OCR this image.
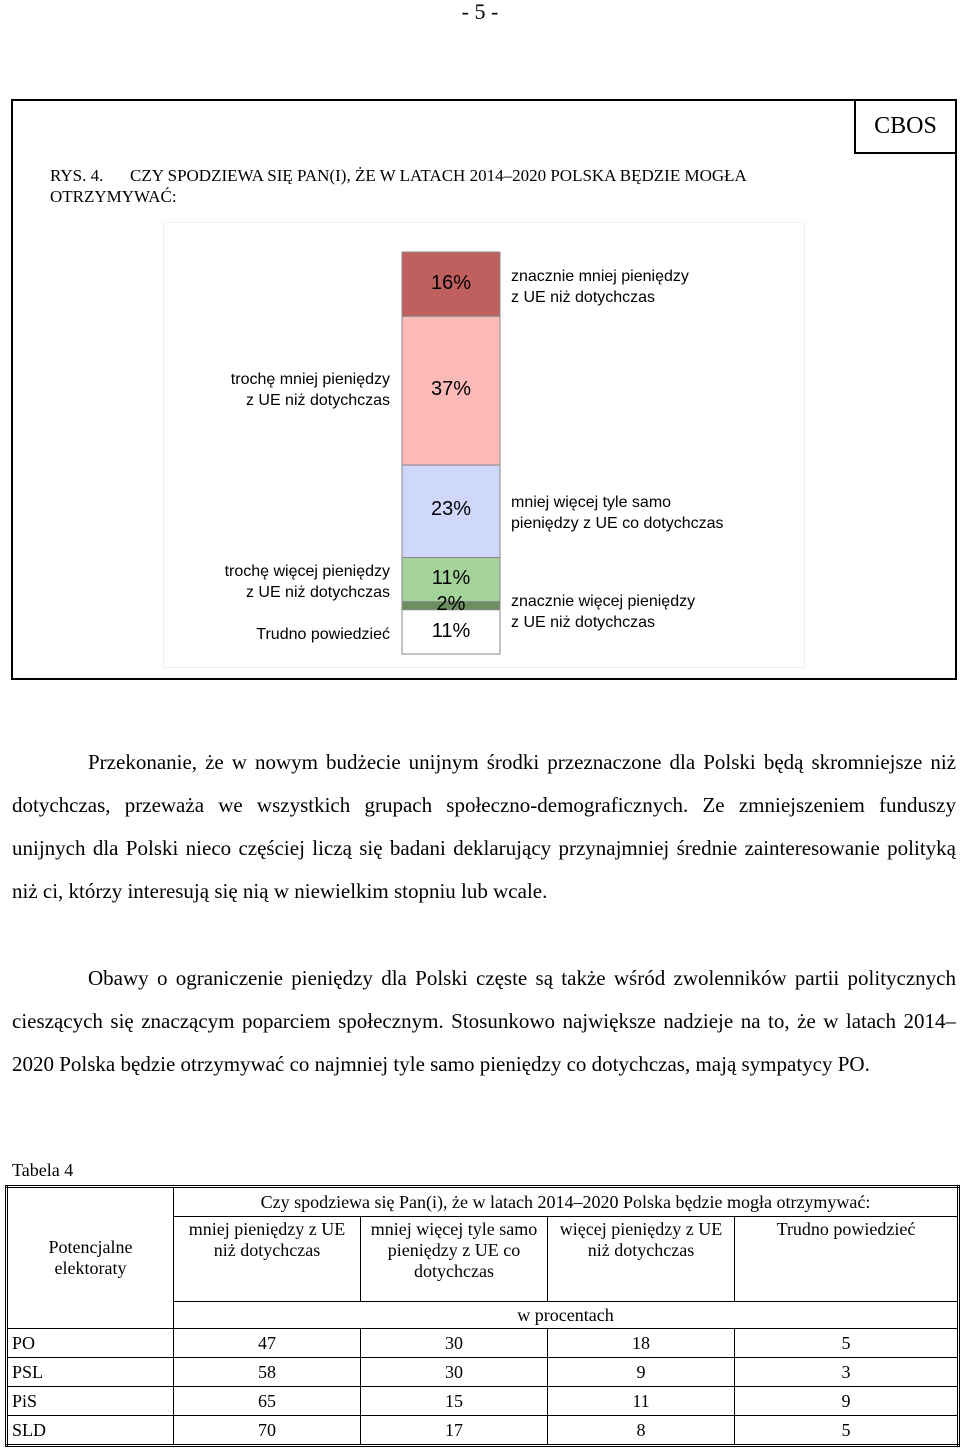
- 5 -
CBOS
RYS. 4. CZY SPODZIEWA SIĘ PAN(I), ŻE W LATACH 2014–2020 POLSKA BĘDZIE MOGŁA OTRZYMYWAĆ:
znacznie mniej pieniędzy
z UE niż dotychczas
trochę mniej pieniędzy
z UE niż dotychczas
mniej więcej tyle samo
pieniędzy z UE co dotychczas
trochę więcej pieniędzy
z UE niż dotychczas
znacznie więcej pieniędzy
z UE niż dotychczas
Trudno powiedzieć
16%
37%
23%
11%
2%
11%

Przekonanie, że w nowym budżecie unijnym środki przeznaczone dla Polski będą skromniejsze niż dotychczas, przeważa we wszystkich grupach społeczno-demograficznych. Ze zmniejszeniem funduszy unijnych dla Polski nieco częściej liczą się badani deklarujący przynajmniej średnie zainteresowanie polityką niż ci, którzy interesują się nią w niewielkim stopniu lub wcale.

Obawy o ograniczenie pieniędzy dla Polski częste są także wśród zwolenników partii politycznych cieszących się znaczącym poparciem społecznym. Stosunkowo największe nadzieje na to, że w latach 2014–2020 Polska będzie otrzymywać co najmniej tyle samo pieniędzy co dotychczas, mają sympatycy PO.

Tabela 4
Potencjalne elektoraty	Czy spodziewa się Pan(i), że w latach 2014–2020 Polska będzie mogła otrzymywać:			
	mniej pieniędzy z UE niż dotychczas	mniej więcej tyle samo pieniędzy z UE co dotychczas	więcej pieniędzy z UE niż dotychczas	Trudno powiedzieć
	w procentach			
PO	47	30	18	5
PSL	58	30	9	3
PiS	65	15	11	9
SLD	70	17	8	5
